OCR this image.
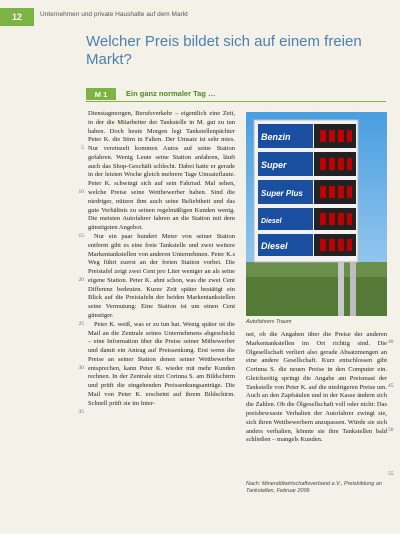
12	Unternehmen und private Haushalte auf dem Markt
Welcher Preis bildet sich auf einem freien Markt?
M 1	Ein ganz normaler Tag …
5
10
15
20
25
30
35

Dienstagmorgen, Berufsverkehr – eigentlich eine Zeit, in der die Mitarbeiter der Tankstelle in M. gut zu tun haben. Doch heute Morgen legt Tankstellenpächter Peter K. die Stirn in Falten. Der Umsatz ist sehr mies. Nur vereinzelt kommen Autos auf seine Station gefahren. Wenig Leute seine Station anfahren, läuft auch das Shop-Geschäft schlecht. Dabei hatte er gerade in der letzten Woche gleich mehrere Tage Umsatzflaute. Peter K. schwingt sich auf sein Fahrrad. Mal sehen, welche Preise seine Wettbewerber haben. Sind die niedriger, nützen ihm auch seine Beliebtheit und das gute Verhältnis zu seinen regelmäßigen Kunden wenig. Die meisten Autofahrer fahren an die Station mit dem günstigsten Angebot.

Nur ein paar hundert Meter von seiner Station entfernt gibt es eine freie Tankstelle und zwei weitere Markentankstellen von anderen Unternehmen. Peter K.s Weg führt zuerst an der freien Station vorbei. Die Preistafel zeigt zwei Cent pro Liter weniger an als seine eigene Station. Peter K. ahnt schon, was die zwei Cent Differenz bedeuten. Kurze Zeit später bestätigt ein Blick auf die Preistafeln der beiden Markentankstellen seine Vermutung: Eine Station ist um einen Cent günstiger.

Peter K. weiß, was er zu tun hat. Wenig später ist die Mail an die Zentrale seines Unternehmens abgeschickt – eine Information über die Preise seiner Mitbewerber und damit ein Antrag auf Preissenkung. Erst wenn die Preise an seiner Station denen seiner Wettbewerber entsprechen, kann Peter K. wieder mit mehr Kunden rechnen. In der Zentrale sitzt Corinna S. am Bildschirm und prüft die eingehenden Preissenkungsanträge. Die Mail von Peter K. erscheint auf ihrem Bildschirm. Schnell prüft sie im Inter-

Benzin
Super
Super Plus
Diesel
Diesel
Autofahrers Traum

net, ob die Angaben über die Preise der anderen Markentankstellen im Ort richtig sind. Die Ölgesellschaft verliert also gerade Absatzmengen an eine andere Gesellschaft. Kurz entschlossen gibt Corinna S. die neuen Preise in den Computer ein. Gleichzeitig springt die Angabe am Preismast der Tankstelle von Peter K. auf die niedrigeren Preise um. Auch an den Zapfsäulen und in der Kasse ändern sich die Zahlen. Ob die Ölgesellschaft voll oder nicht: Das preisbewusste Verhalten der Autofahrer zwingt sie, sich ihren Wettbewerbern anzupassen. Würde sie sich anders verhalten, könnte sie ihre Tankstellen bald schließen – mangels Kunden.

40
45
50
55
Nach: Mineralölwirtschaftsverband e.V., Preisbildung an Tankstellen, Februar 2006
